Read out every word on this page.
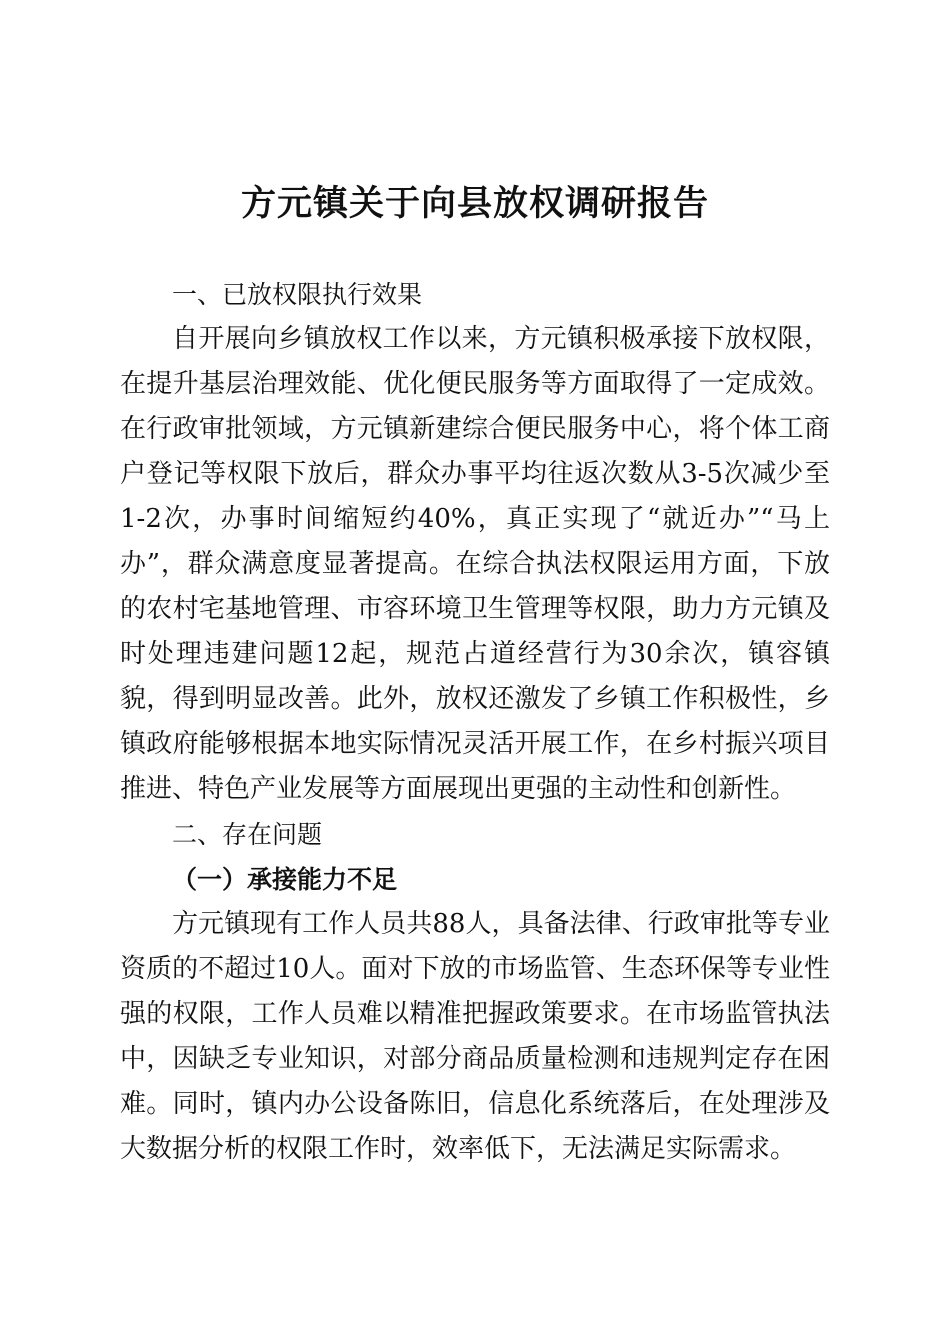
方元镇关于向县放权调研报告
一、已放权限执行效果
自开展向乡镇放权工作以来，方元镇积极承接下放权限，
在提升基层治理效能、优化便民服务等方面取得了一定成效。
在行政审批领域，方元镇新建综合便民服务中心，将个体工商
户登记等权限下放后，群众办事平均往返次数从3-5次减少至
1-2次，办事时间缩短约40%，真正实现了“就近办”“马上
办”，群众满意度显著提高。在综合执法权限运用方面，下放
的农村宅基地管理、市容环境卫生管理等权限，助力方元镇及
时处理违建问题12起，规范占道经营行为30余次，镇容镇
貌，得到明显改善。此外，放权还激发了乡镇工作积极性，乡
镇政府能够根据本地实际情况灵活开展工作，在乡村振兴项目
推进、特色产业发展等方面展现出更强的主动性和创新性。
二、存在问题
（一）承接能力不足
方元镇现有工作人员共88人，具备法律、行政审批等专业
资质的不超过10人。面对下放的市场监管、生态环保等专业性
强的权限，工作人员难以精准把握政策要求。在市场监管执法
中，因缺乏专业知识，对部分商品质量检测和违规判定存在困
难。同时，镇内办公设备陈旧，信息化系统落后，在处理涉及
大数据分析的权限工作时，效率低下，无法满足实际需求。
